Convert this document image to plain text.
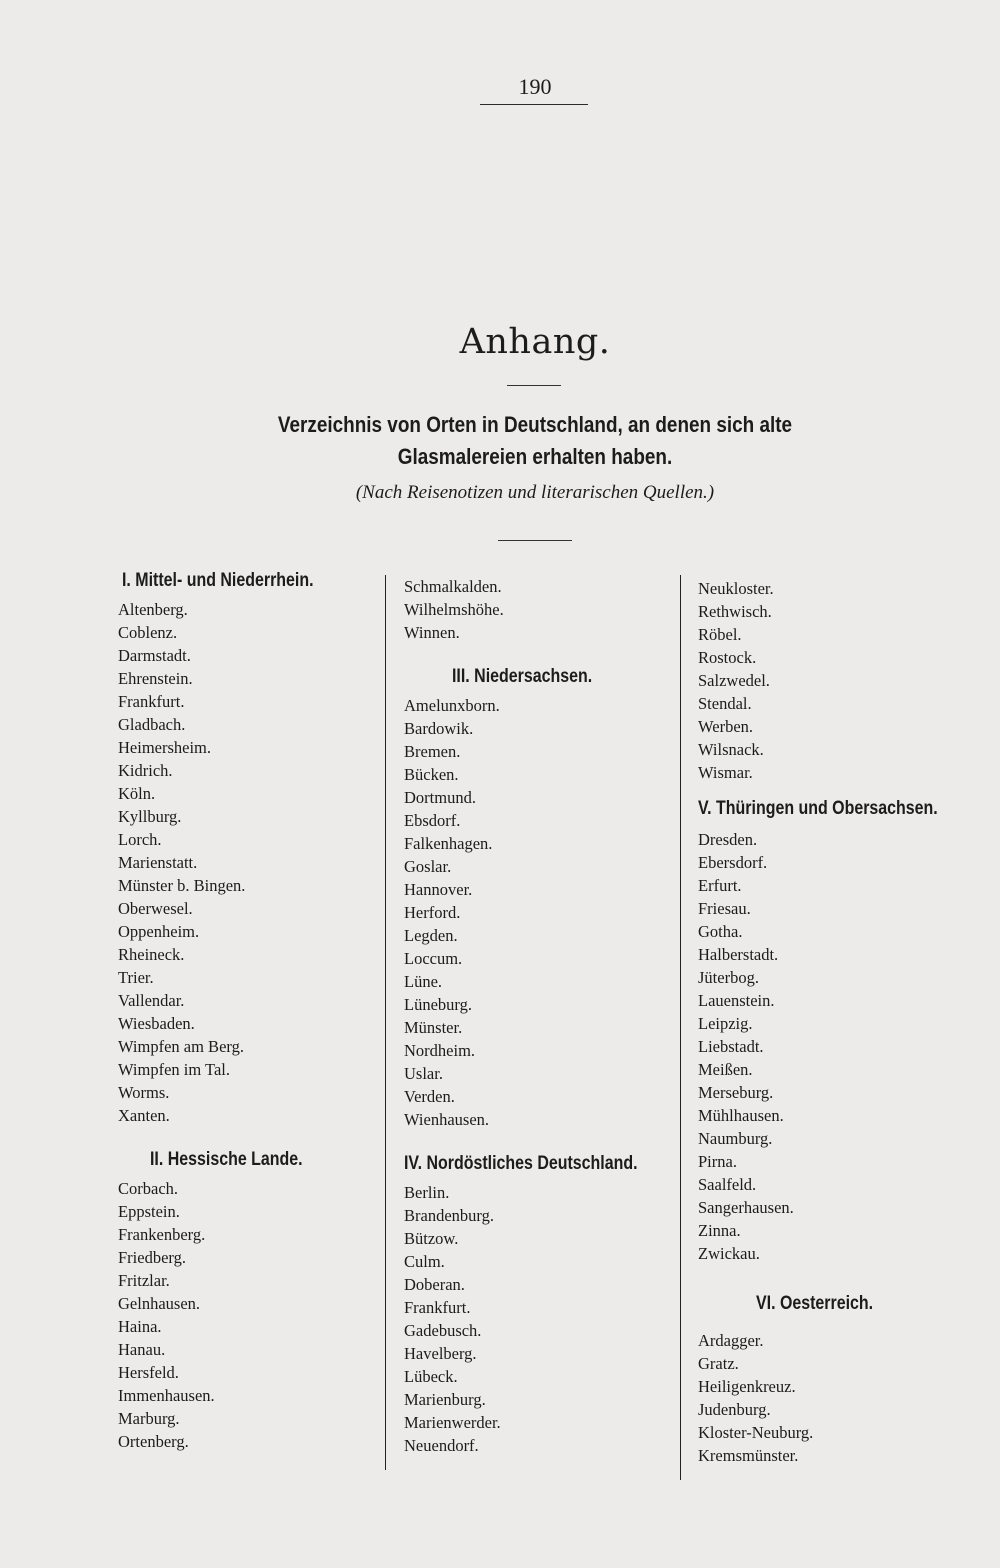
190
Anhang.
Verzeichnis von Orten in Deutschland, an denen sich alte
Glasmalereien erhalten haben.
(Nach Reisenotizen und literarischen Quellen.)
I. Mittel- und Niederrhein.
Altenberg.
Coblenz.
Darmstadt.
Ehrenstein.
Frankfurt.
Gladbach.
Heimersheim.
Kidrich.
Köln.
Kyllburg.
Lorch.
Marienstatt.
Münster b. Bingen.
Oberwesel.
Oppenheim.
Rheineck.
Trier.
Vallendar.
Wiesbaden.
Wimpfen am Berg.
Wimpfen im Tal.
Worms.
Xanten.
II. Hessische Lande.
Corbach.
Eppstein.
Frankenberg.
Friedberg.
Fritzlar.
Gelnhausen.
Haina.
Hanau.
Hersfeld.
Immenhausen.
Marburg.
Ortenberg.
Schmalkalden.
Wilhelmshöhe.
Winnen.
III. Niedersachsen.
Amelunxborn.
Bardowik.
Bremen.
Bücken.
Dortmund.
Ebsdorf.
Falkenhagen.
Goslar.
Hannover.
Herford.
Legden.
Loccum.
Lüne.
Lüneburg.
Münster.
Nordheim.
Uslar.
Verden.
Wienhausen.
IV. Nordöstliches Deutschland.
Berlin.
Brandenburg.
Bützow.
Culm.
Doberan.
Frankfurt.
Gadebusch.
Havelberg.
Lübeck.
Marienburg.
Marienwerder.
Neuendorf.
Neukloster.
Rethwisch.
Röbel.
Rostock.
Salzwedel.
Stendal.
Werben.
Wilsnack.
Wismar.
V. Thüringen und Obersachsen.
Dresden.
Ebersdorf.
Erfurt.
Friesau.
Gotha.
Halberstadt.
Jüterbog.
Lauenstein.
Leipzig.
Liebstadt.
Meißen.
Merseburg.
Mühlhausen.
Naumburg.
Pirna.
Saalfeld.
Sangerhausen.
Zinna.
Zwickau.
VI. Oesterreich.
Ardagger.
Gratz.
Heiligenkreuz.
Judenburg.
Kloster-Neuburg.
Kremsmünster.
